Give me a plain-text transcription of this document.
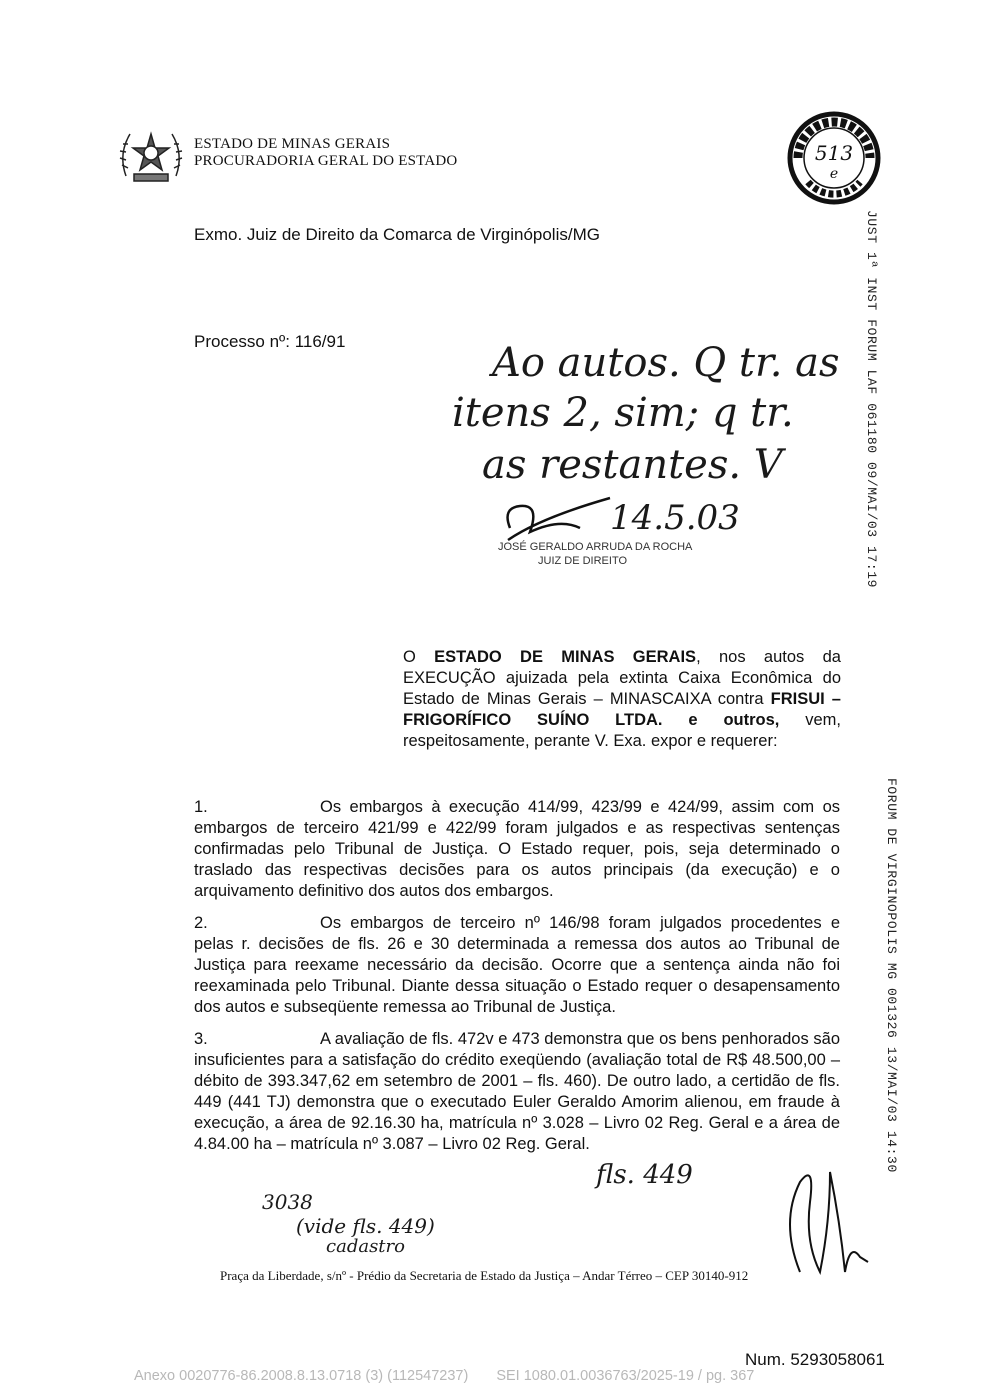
ESTADO DE MINAS GERAIS
PROCURADORIA GERAL DO ESTADO	513
e
Exmo. Juiz de Direito da Comarca de Virginópolis/MG
Processo nº: 116/91	Ao autos. Q tr. as
itens 2, sim; q tr.
as restantes. V
14.5.03
JOSÉ GERALDO ARRUDA DA ROCHA
JUIZ DE DIREITO	JUST 1ª INST FORUM LAF 061180 09/MAI/03 17:19
FORUM DE VIRGINOPOLIS MG 001326 13/MAI/03 14:30
O ESTADO DE MINAS GERAIS, nos autos da EXECUÇÃO ajuizada pela extinta Caixa Econômica do Estado de Minas Gerais – MINASCAIXA contra FRISUI – FRIGORÍFICO SUÍNO LTDA. e outros, vem, respeitosamente, perante V. Exa. expor e requerer:
1.	Os embargos à execução 414/99, 423/99 e 424/99, assim com os embargos de terceiro 421/99 e 422/99 foram julgados e as respectivas sentenças confirmadas pelo Tribunal de Justiça. O Estado requer, pois, seja determinado o traslado das respectivas decisões para os autos principais (da execução) e o arquivamento definitivo dos autos dos embargos.
2.	Os embargos de terceiro nº 146/98 foram julgados procedentes e pelas r. decisões de fls. 26 e 30 determinada a remessa dos autos ao Tribunal de Justiça para reexame necessário da decisão. Ocorre que a sentença ainda não foi reexaminada pelo Tribunal. Diante dessa situação o Estado requer o desapensamento dos autos e subseqüente remessa ao Tribunal de Justiça.
3.	A avaliação de fls. 472v e 473 demonstra que os bens penhorados são insuficientes para a satisfação do crédito exeqüendo (avaliação total de R$ 48.500,00 – débito de 393.347,62 em setembro de 2001 – fls. 460). De outro lado, a certidão de fls. 449 (441 TJ) demonstra que o executado Euler Geraldo Amorim alienou, em fraude à execução, a área de 92.16.30 ha, matrícula nº 3.028 – Livro 02 Reg. Geral e a área de 4.84.00 ha – matrícula nº 3.087 – Livro 02 Reg. Geral.
fls. 449
3038
(vide fls. 449)
cadastro
Praça da Liberdade, s/nº - Prédio da Secretaria de Estado da Justiça – Andar Térreo – CEP 30140-912
Num. 5293058061
Anexo 0020776-86.2008.8.13.0718 (3) (112547237) SEI 1080.01.0036763/2025-19 / pg. 367
